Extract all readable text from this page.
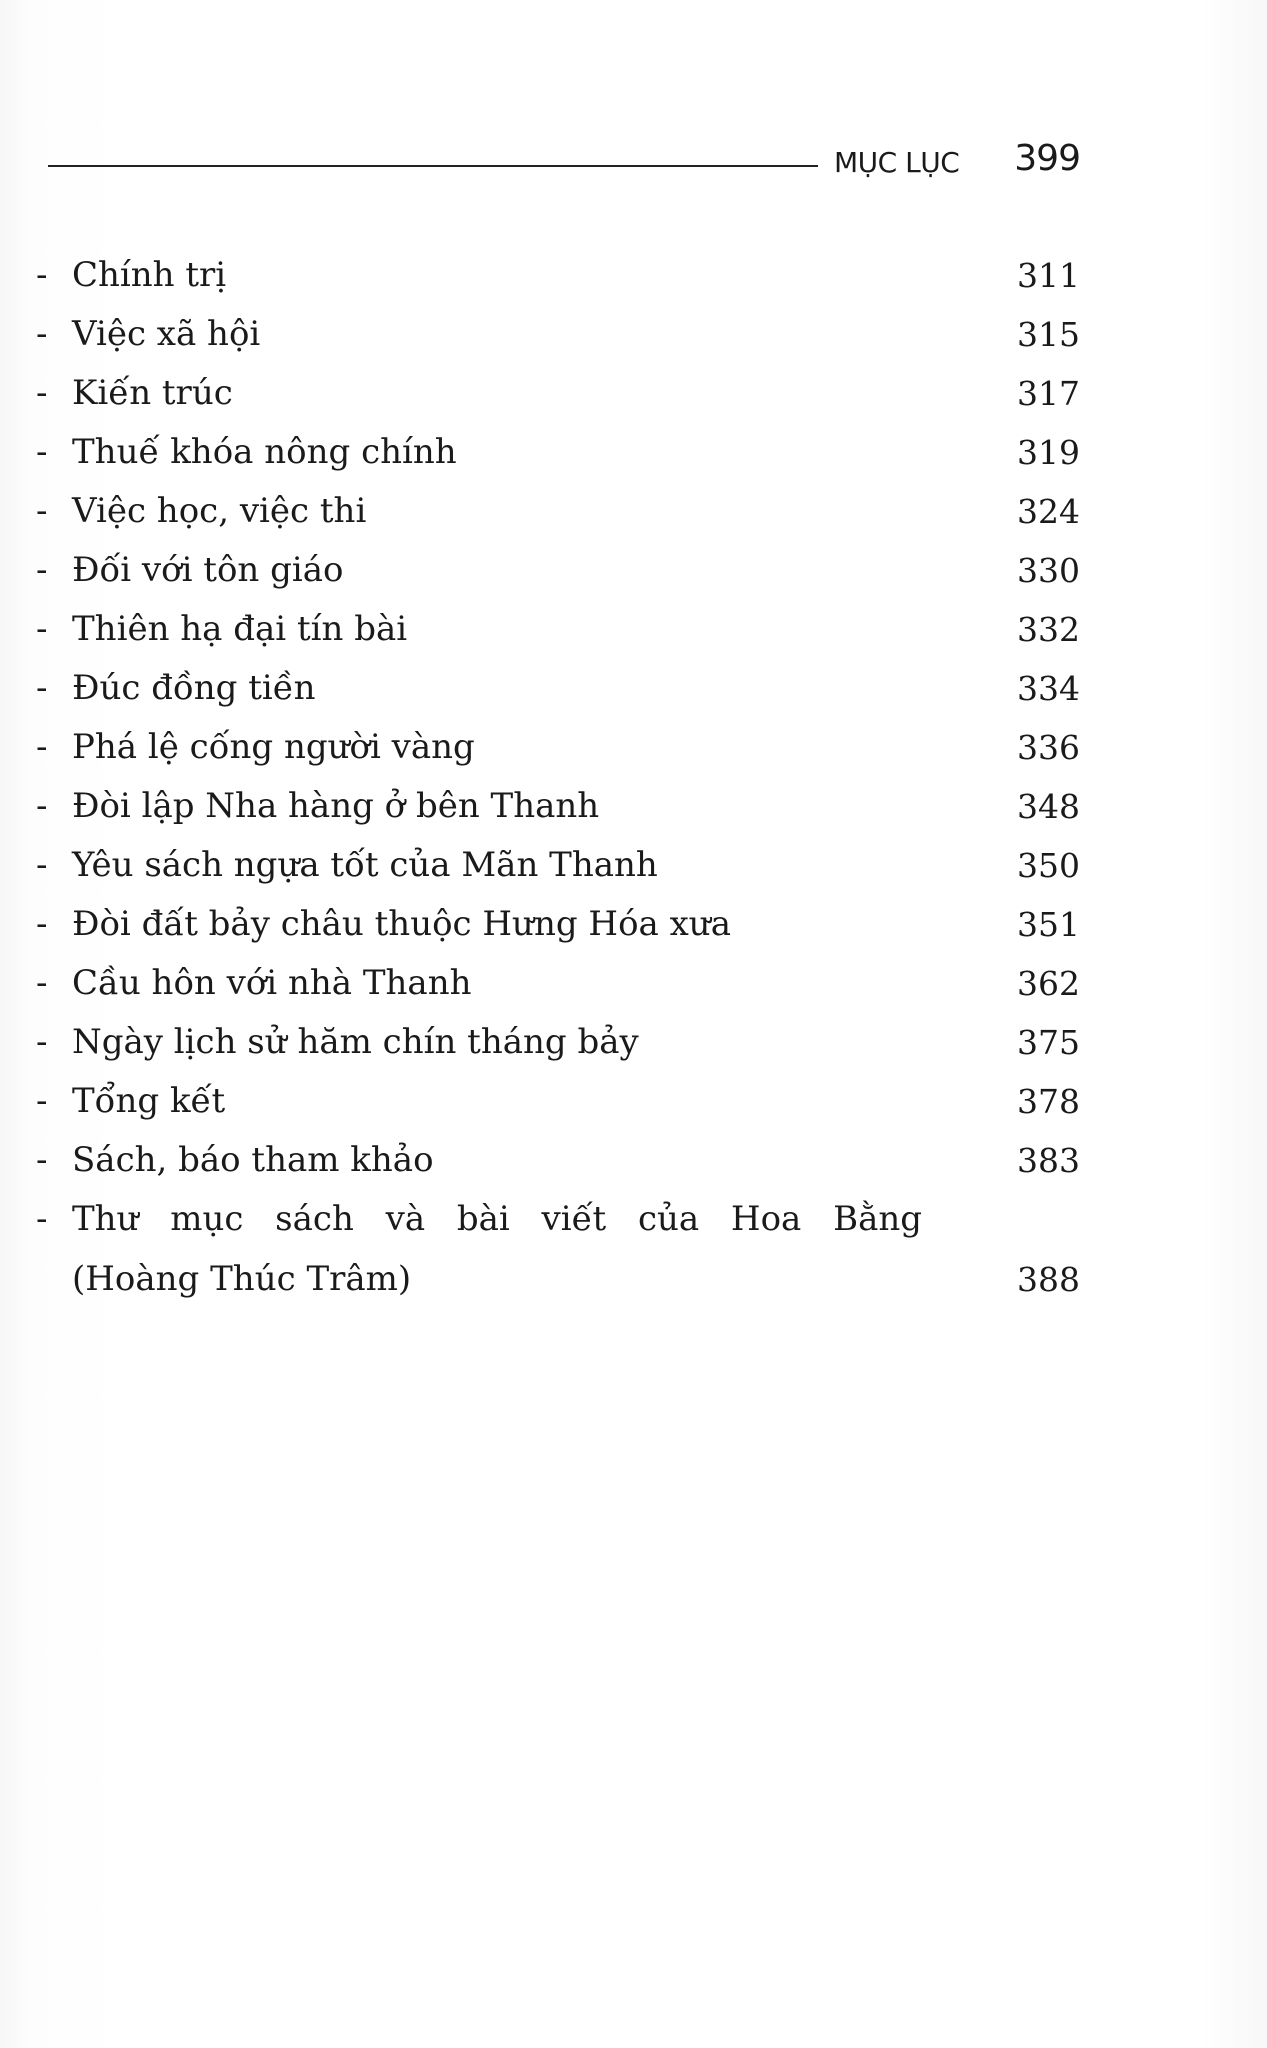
MỤC LỤC 399
- Chính trị	311
- Việc xã hội	315
- Kiến trúc	317
- Thuế khóa nông chính	319
- Việc học, việc thi	324
- Đối với tôn giáo	330
- Thiên hạ đại tín bài	332
- Đúc đồng tiền	334
- Phá lệ cống người vàng	336
- Đòi lập Nha hàng ở bên Thanh	348
- Yêu sách ngựa tốt của Mãn Thanh	350
- Đòi đất bảy châu thuộc Hưng Hóa xưa	351
- Cầu hôn với nhà Thanh	362
- Ngày lịch sử hăm chín tháng bảy	375
- Tổng kết	378
- Sách, báo tham khảo	383
- Thư mục sách và bài viết của Hoa Bằng
(Hoàng Thúc Trâm)	388
